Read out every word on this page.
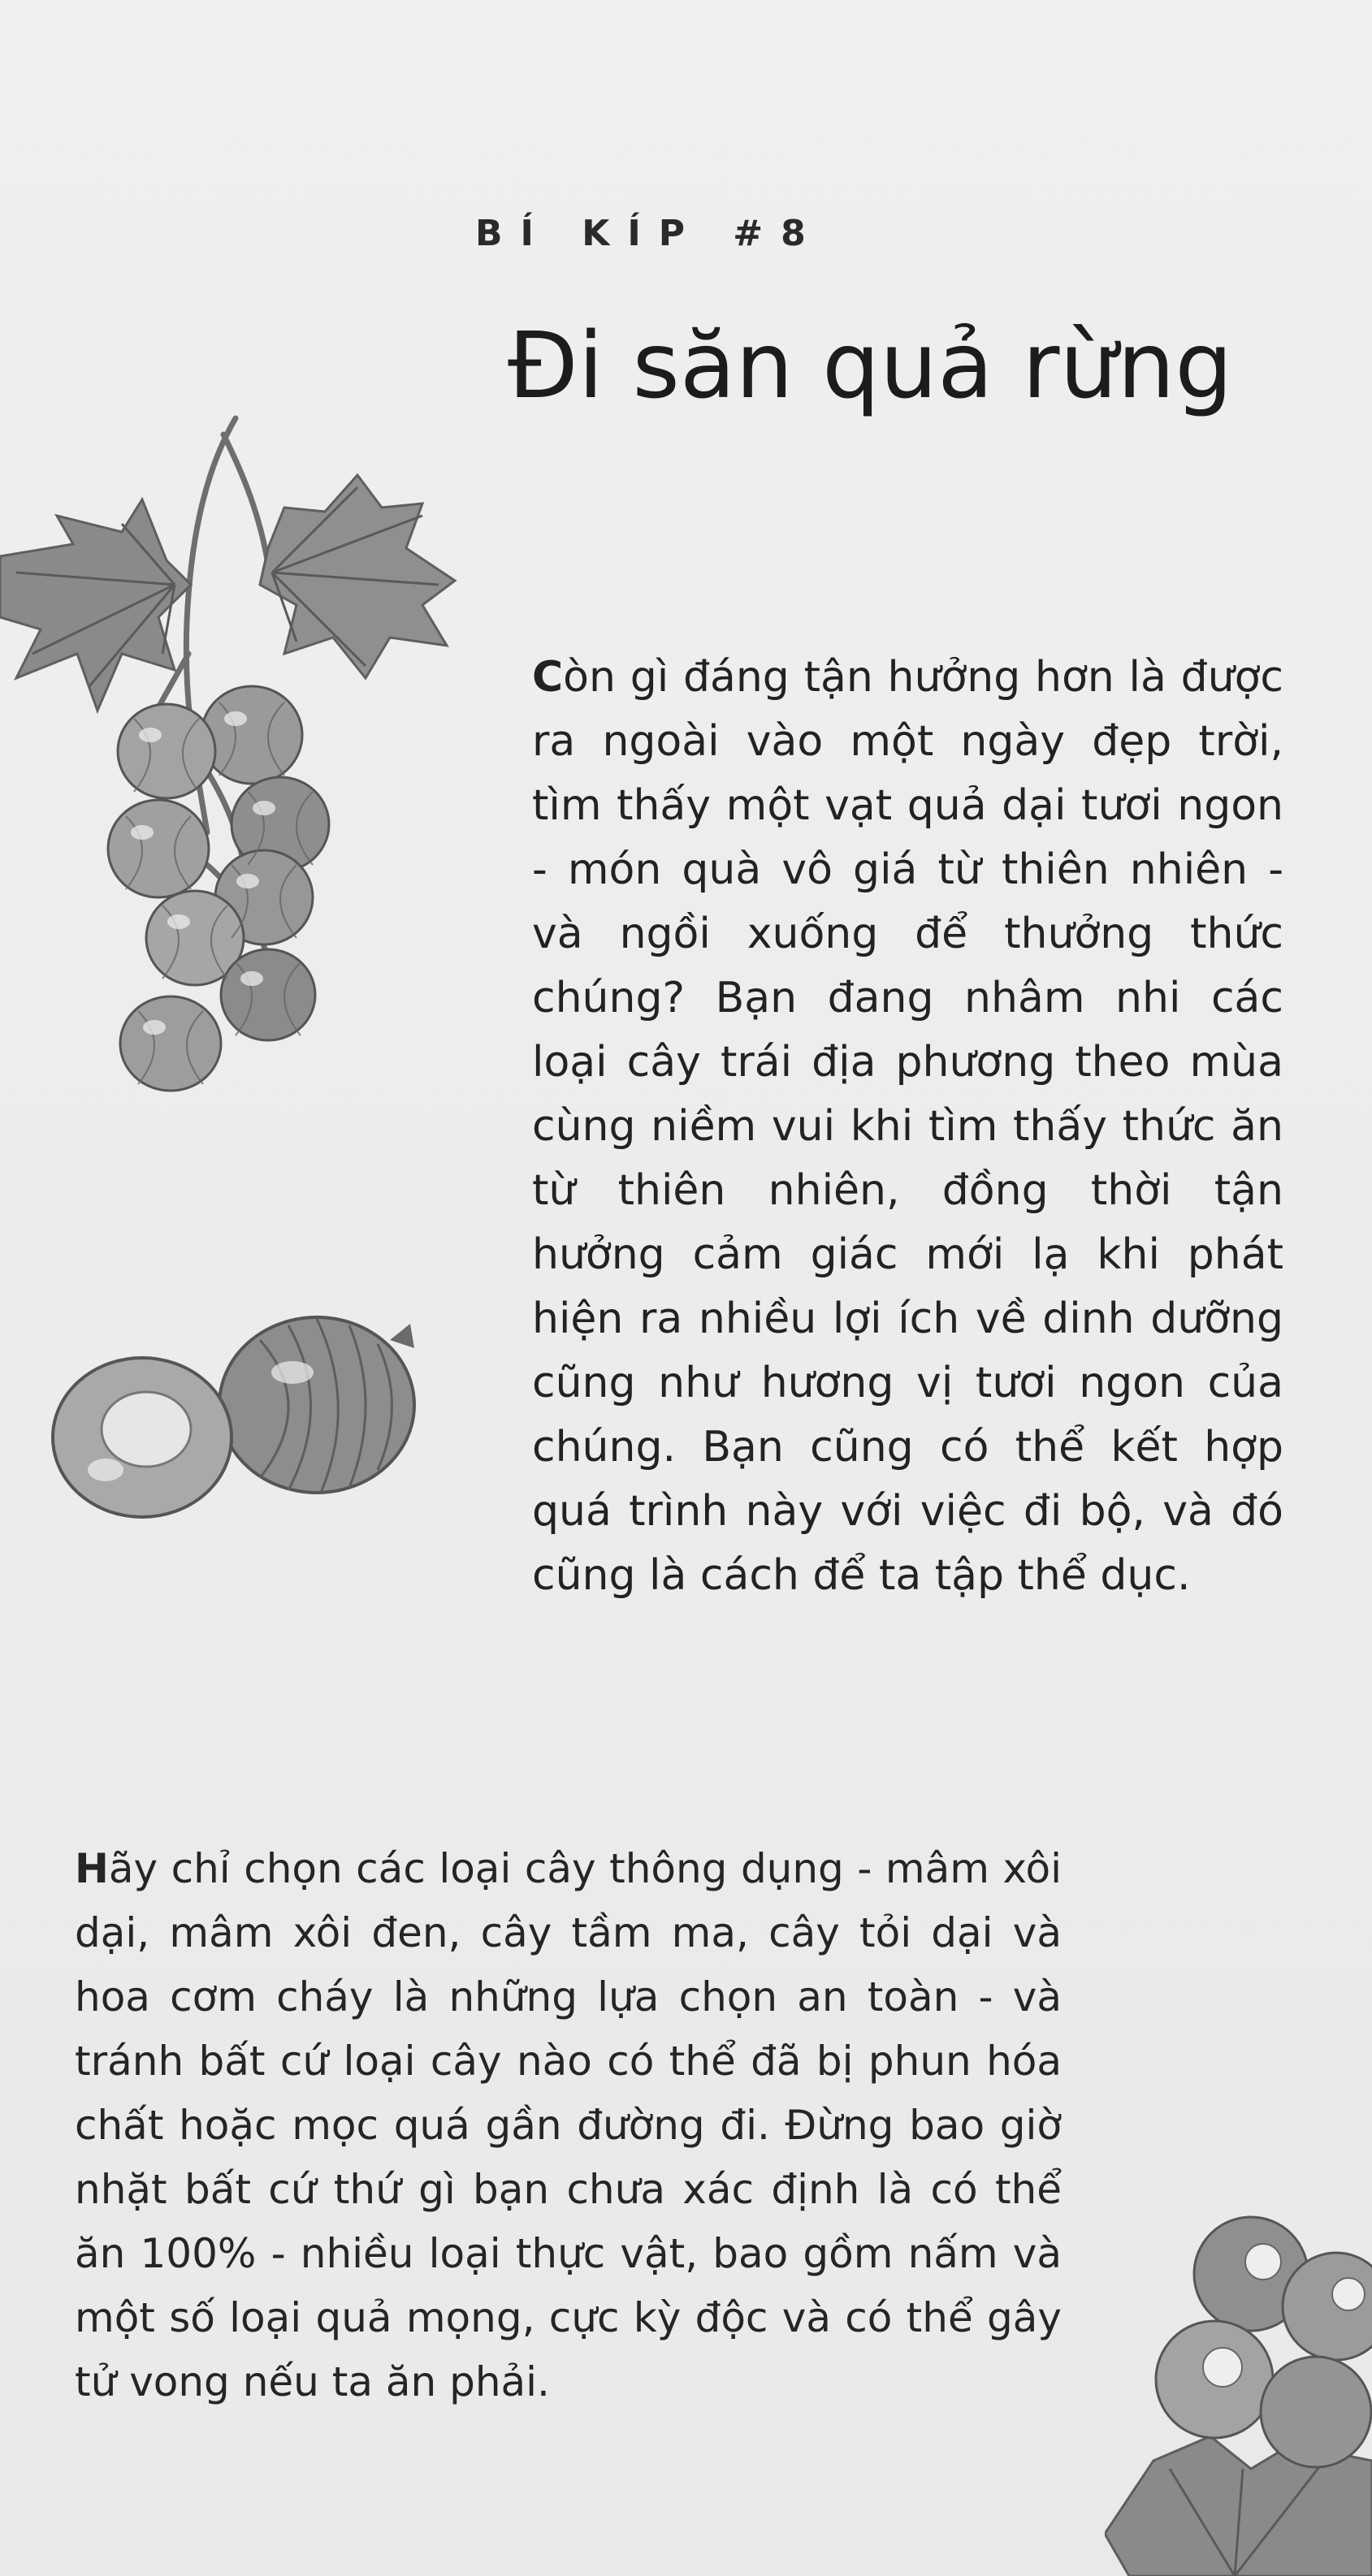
BÍ KÍP #8
Đi săn quả rừng

Còn gì đáng tận hưởng hơn là được ra ngoài vào một ngày đẹp trời, tìm thấy một vạt quả dại tươi ngon - món quà vô giá từ thiên nhiên - và ngồi xuống để thưởng thức chúng? Bạn đang nhâm nhi các loại cây trái địa phương theo mùa cùng niềm vui khi tìm thấy thức ăn từ thiên nhiên, đồng thời tận hưởng cảm giác mới lạ khi phát hiện ra nhiều lợi ích về dinh dưỡng cũng như hương vị tươi ngon của chúng. Bạn cũng có thể kết hợp quá trình này với việc đi bộ, và đó cũng là cách để ta tập thể dục.

Hãy chỉ chọn các loại cây thông dụng - mâm xôi dại, mâm xôi đen, cây tầm ma, cây tỏi dại và hoa cơm cháy là những lựa chọn an toàn - và tránh bất cứ loại cây nào có thể đã bị phun hóa chất hoặc mọc quá gần đường đi. Đừng bao giờ nhặt bất cứ thứ gì bạn chưa xác định là có thể ăn 100% - nhiều loại thực vật, bao gồm nấm và một số loại quả mọng, cực kỳ độc và có thể gây tử vong nếu ta ăn phải.
